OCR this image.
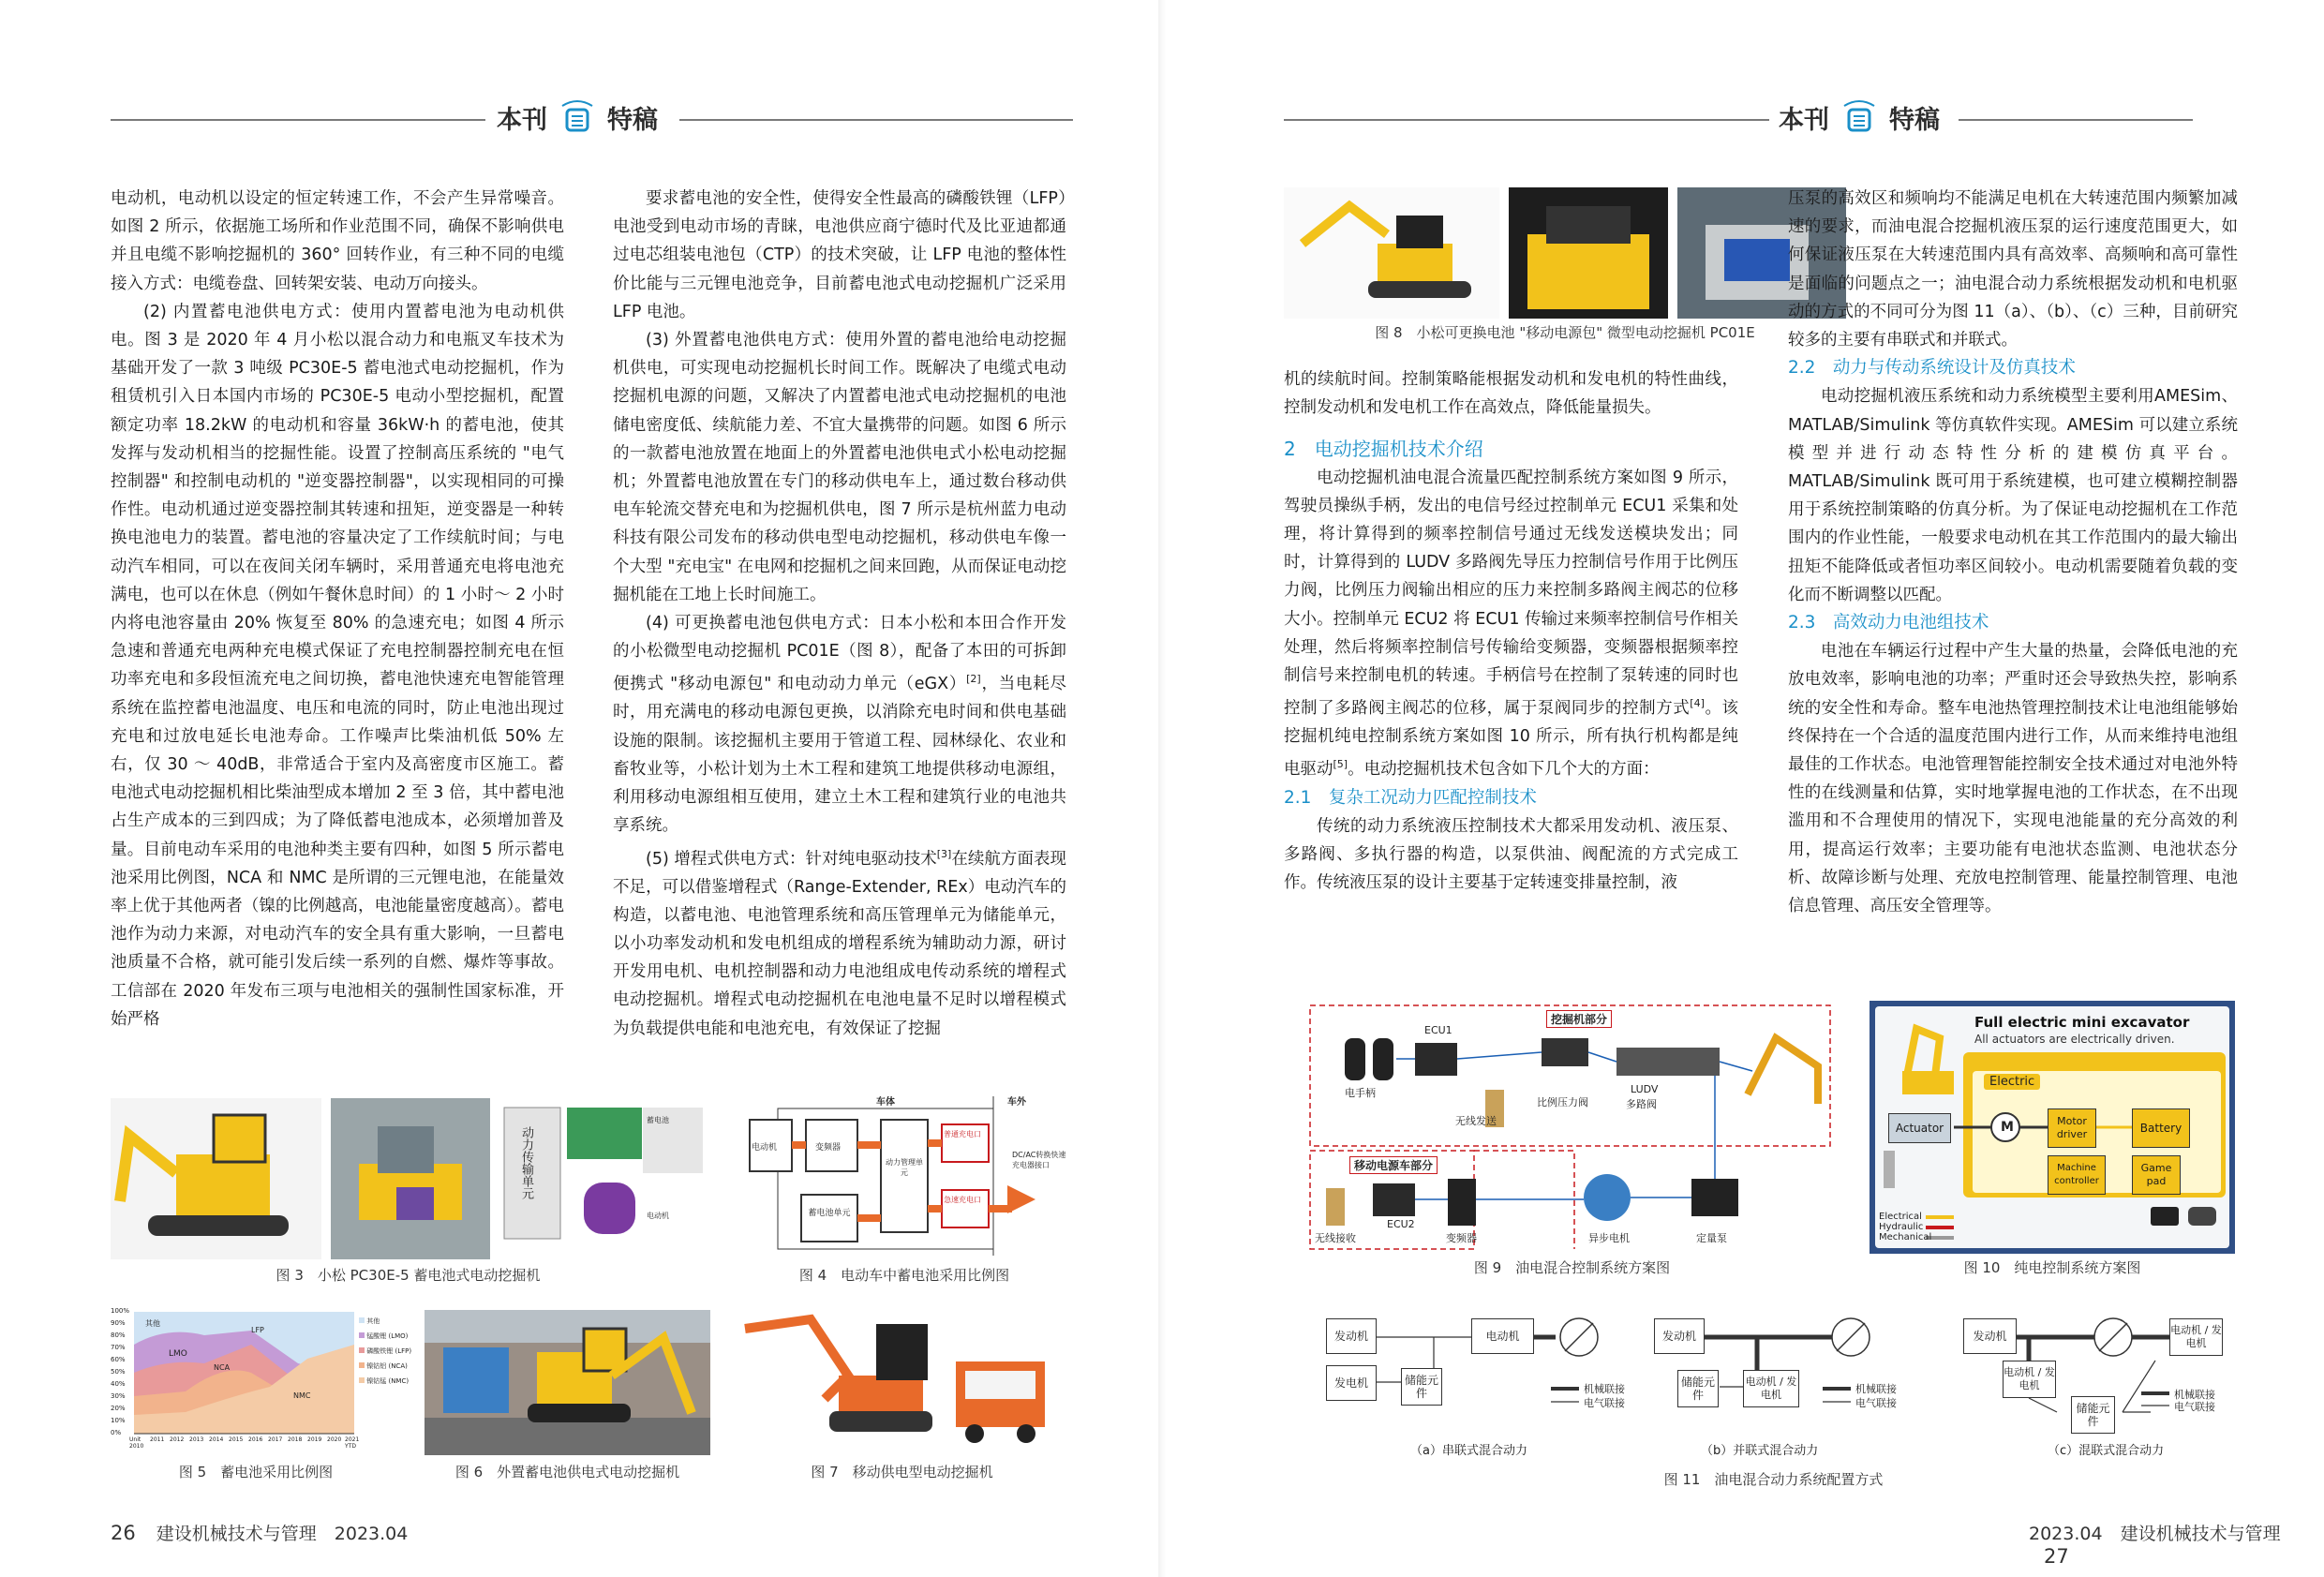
本刊 特稿

电动机，电动机以设定的恒定转速工作，不会产生异常噪音。如图 2 所示，依据施工场所和作业范围不同，确保不影响供电并且电缆不影响挖掘机的 360° 回转作业，有三种不同的电缆接入方式：电缆卷盘、回转架安装、电动万向接头。

(2) 内置蓄电池供电方式：使用内置蓄电池为电动机供电。图 3 是 2020 年 4 月小松以混合动力和电瓶叉车技术为基础开发了一款 3 吨级 PC30E-5 蓄电池式电动挖掘机，作为租赁机引入日本国内市场的 PC30E-5 电动小型挖掘机，配置额定功率 18.2kW 的电动机和容量 36kW·h 的蓄电池，使其发挥与发动机相当的挖掘性能。设置了控制高压系统的 "电气控制器" 和控制电动机的 "逆变器控制器"，以实现相同的可操作性。电动机通过逆变器控制其转速和扭矩，逆变器是一种转换电池电力的装置。蓄电池的容量决定了工作续航时间；与电动汽车相同，可以在夜间关闭车辆时，采用普通充电将电池充满电，也可以在休息（例如午餐休息时间）的 1 小时～ 2 小时内将电池容量由 20% 恢复至 80% 的急速充电；如图 4 所示急速和普通充电两种充电模式保证了充电控制器控制充电在恒功率充电和多段恒流充电之间切换，蓄电池快速充电智能管理系统在监控蓄电池温度、电压和电流的同时，防止电池出现过充电和过放电延长电池寿命。工作噪声比柴油机低 50% 左右，仅 30 ～ 40dB，非常适合于室内及高密度市区施工。蓄电池式电动挖掘机相比柴油型成本增加 2 至 3 倍，其中蓄电池占生产成本的三到四成；为了降低蓄电池成本，必须增加普及量。目前电动车采用的电池种类主要有四种，如图 5 所示蓄电池采用比例图，NCA 和 NMC 是所谓的三元锂电池，在能量效率上优于其他两者（镍的比例越高，电池能量密度越高）。蓄电池作为动力来源，对电动汽车的安全具有重大影响，一旦蓄电池质量不合格，就可能引发后续一系列的自燃、爆炸等事故。工信部在 2020 年发布三项与电池相关的强制性国家标准，开始严格

要求蓄电池的安全性，使得安全性最高的磷酸铁锂（LFP）电池受到电动市场的青睐，电池供应商宁德时代及比亚迪都通过电芯组装电池包（CTP）的技术突破，让 LFP 电池的整体性价比能与三元锂电池竞争，目前蓄电池式电动挖掘机广泛采用 LFP 电池。

(3) 外置蓄电池供电方式：使用外置的蓄电池给电动挖掘机供电，可实现电动挖掘机长时间工作。既解决了电缆式电动挖掘机电源的问题，又解决了内置蓄电池式电动挖掘机的电池储电密度低、续航能力差、不宜大量携带的问题。如图 6 所示的一款蓄电池放置在地面上的外置蓄电池供电式小松电动挖掘机；外置蓄电池放置在专门的移动供电车上，通过数台移动供电车轮流交替充电和为挖掘机供电，图 7 所示是杭州蓝力电动科技有限公司发布的移动供电型电动挖掘机，移动供电车像一个大型 "充电宝" 在电网和挖掘机之间来回跑，从而保证电动挖掘机能在工地上长时间施工。

(4) 可更换蓄电池包供电方式：日本小松和本田合作开发的小松微型电动挖掘机 PC01E（图 8），配备了本田的可拆卸便携式 "移动电源包" 和电动动力单元（eGX）[2]，当电耗尽时，用充满电的移动电源包更换，以消除充电时间和供电基础设施的限制。该挖掘机主要用于管道工程、园林绿化、农业和畜牧业等，小松计划为土木工程和建筑工地提供移动电源组，利用移动电源组相互使用，建立土木工程和建筑行业的电池共享系统。

(5) 增程式供电方式：针对纯电驱动技术[3]在续航方面表现不足，可以借鉴增程式（Range-Extender, REx）电动汽车的构造，以蓄电池、电池管理系统和高压管理单元为储能单元，以小功率发动机和发电机组成的增程系统为辅助动力源，研讨开发用电机、电机控制器和动力电池组成电传动系统的增程式电动挖掘机。增程式电动挖掘机在电池电量不足时以增程模式为负载提供电能和电池充电，有效保证了挖掘

动力传输单元
蓄电池
电动机
图 3　小松 PC30E-5 蓄电池式电动挖掘机
车体	车外
电动机	变频器
动力管理单元
普通充电口
急速充电口
蓄电池单元
DC/AC转换快速充电器接口
图 4　电动车中蓄电池采用比例图
其他
LMO
LFP
NCA
NMC
100%
90%
80%
70%
60%
50%
40%
30%
20%
10%
0%
Unit 2010
2011 2012 2013 2014 2015 2016 2017 2018 2019 2020 2021 YTD
其他
锰酸锂 (LMO)
磷酸铁锂 (LFP)
镍钴铝 (NCA)
镍钴锰 (NMC)
图 5　蓄电池采用比例图	图 6　外置蓄电池供电式电动挖掘机	图 7　移动供电型电动挖掘机
26 建设机械技术与管理　2023.04
本刊 特稿
图 8　小松可更换电池 "移动电源包" 微型电动挖掘机 PC01E

机的续航时间。控制策略能根据发动机和发电机的特性曲线，控制发动机和发电机工作在高效点，降低能量损失。

2　电动挖掘机技术介绍

电动挖掘机油电混合流量匹配控制系统方案如图 9 所示，驾驶员操纵手柄，发出的电信号经过控制单元 ECU1 采集和处理，将计算得到的频率控制信号通过无线发送模块发出；同时，计算得到的 LUDV 多路阀先导压力控制信号作用于比例压力阀，比例压力阀输出相应的压力来控制多路阀主阀芯的位移大小。控制单元 ECU2 将 ECU1 传输过来频率控制信号作相关处理，然后将频率控制信号传输给变频器，变频器根据频率控制信号来控制电机的转速。手柄信号在控制了泵转速的同时也控制了多路阀主阀芯的位移，属于泵阀同步的控制方式[4]。该挖掘机纯电控制系统方案如图 10 所示，所有执行机构都是纯电驱动[5]。电动挖掘机技术包含如下几个大的方面：

2.1　复杂工况动力匹配控制技术

传统的动力系统液压控制技术大都采用发动机、液压泵、多路阀、多执行器的构造，以泵供油、阀配流的方式完成工作。传统液压泵的设计主要基于定转速变排量控制，液

压泵的高效区和频响均不能满足电机在大转速范围内频繁加减速的要求，而油电混合挖掘机液压泵的运行速度范围更大，如何保证液压泵在大转速范围内具有高效率、高频响和高可靠性是面临的问题点之一；油电混合动力系统根据发动机和电机驱动的方式的不同可分为图 11（a）、（b）、（c）三种，目前研究较多的主要有串联式和并联式。

2.2　动力与传动系统设计及仿真技术

电动挖掘机液压系统和动力系统模型主要利用AMESim、MATLAB/Simulink 等仿真软件实现。AMESim 可以建立系统模型并进行动态特性分析的建模仿真平台。MATLAB/Simulink 既可用于系统建模，也可建立模糊控制器用于系统控制策略的仿真分析。为了保证电动挖掘机在工作范围内的作业性能，一般要求电动机在其工作范围内的最大输出扭矩不能降低或者恒功率区间较小。电动机需要随着负载的变化而不断调整以匹配。

2.3　高效动力电池组技术

电池在车辆运行过程中产生大量的热量，会降低电池的充放电效率，影响电池的功率；严重时还会导致热失控，影响系统的安全性和寿命。整车电池热管理控制技术让电池组能够始终保持在一个合适的温度范围内进行工作，从而来维持电池组最佳的工作状态。电池管理智能控制安全技术通过对电池外特性的在线测量和估算，实时地掌握电池的工作状态，在不出现滥用和不合理使用的情况下，实现电池能量的充分高效的利用，提高运行效率；主要功能有电池状态监测、电池状态分析、故障诊断与处理、充放电控制管理、能量控制管理、电池信息管理、高压安全管理等。

挖掘机部分
移动电源车部分
电手柄
ECU1
无线发送
比例压力阀
LUDV
多路阀
无线接收
ECU2
变频器	异步电机	定量泵
图 9　油电混合控制系统方案图
Full electric mini excavator
All actuators are electrically driven.
Electric
Actuator	M	Motor driver	Battery
Machine controller
Game pad
Electrical
Hydraulic
Mechanical
图 10　纯电控制系统方案图
发动机	电动机
发电机	储能元件	机械联接
电气联接
（a）串联式混合动力
发动机
储能元件
电动机 / 发电机	机械联接
电气联接
（b）并联式混合动力
发动机	电动机 / 发电机
电动机 / 发电机
储能元件
机械联接
电气联接
（c）混联式混合动力
图 11　油电混合动力系统配置方式
2023.04　建设机械技术与管理 27
